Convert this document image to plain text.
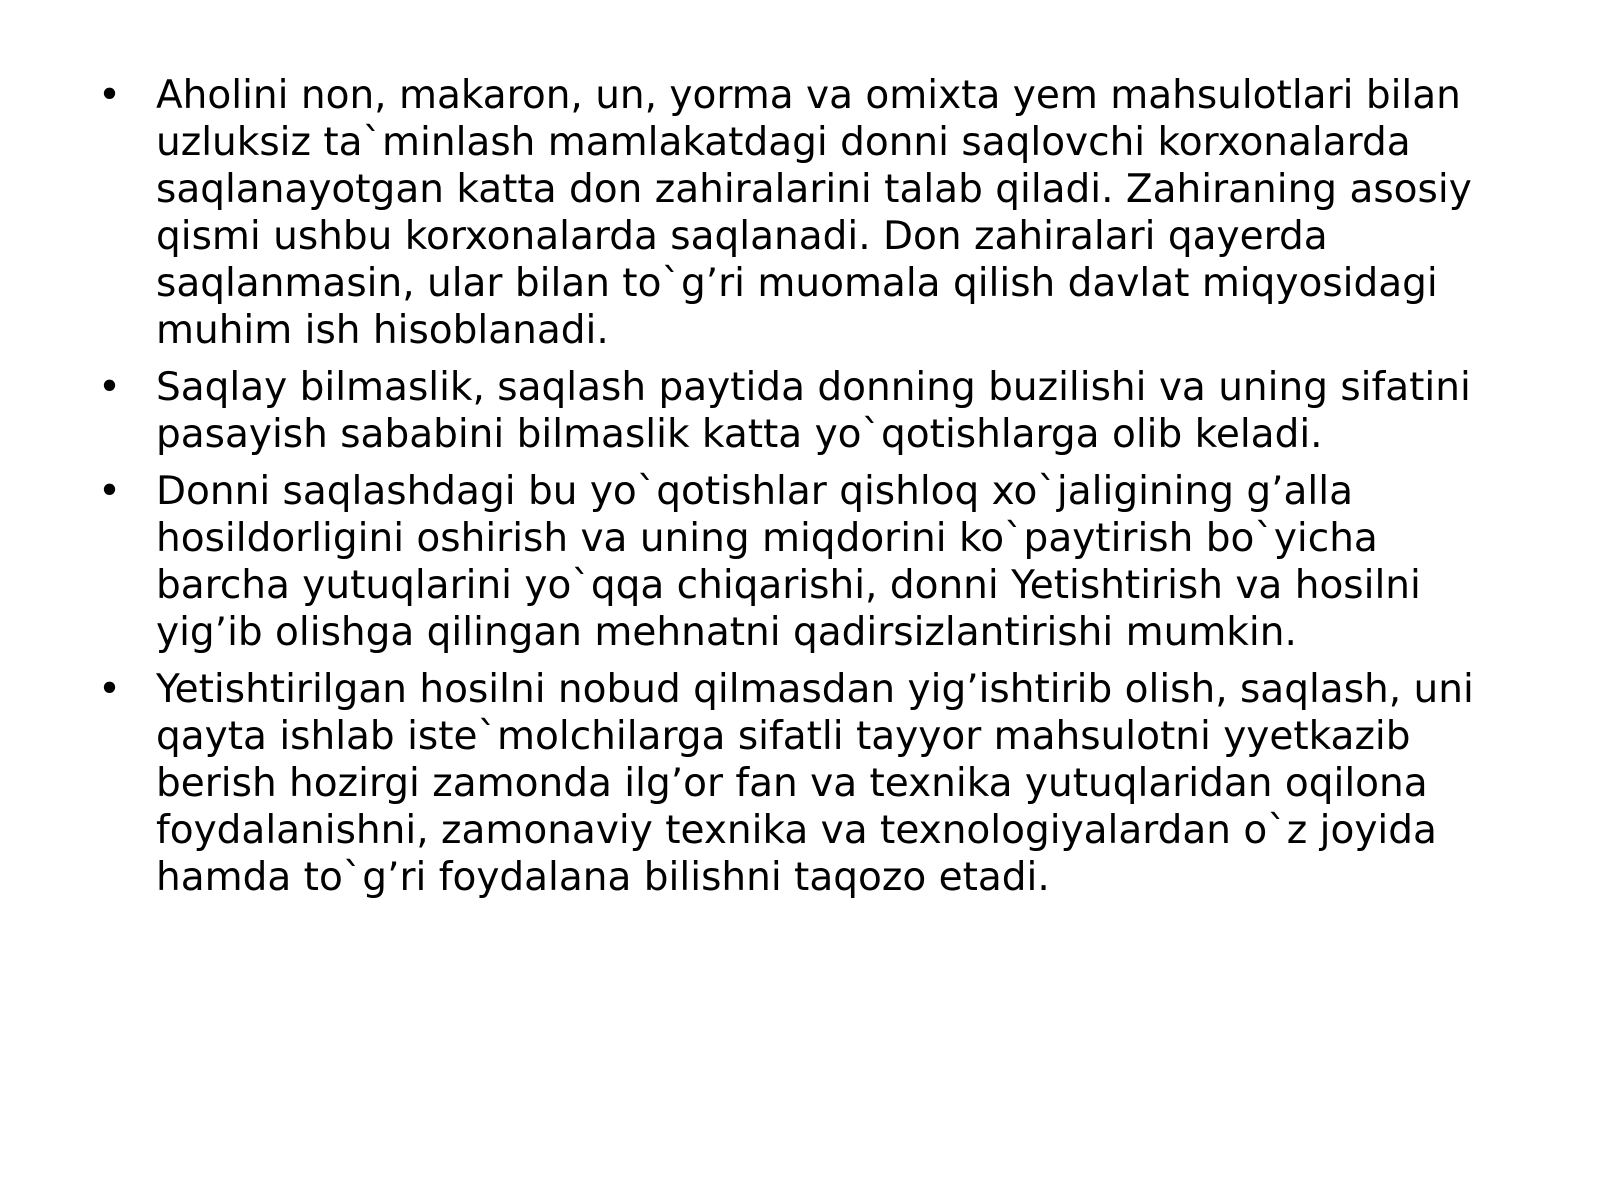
• Aholini non, makaron, un, yorma va omixta yem mahsulotlari bilan uzluksiz ta`minlash mamlakatdagi donni saqlovchi korxonalarda saqlanayotgan katta don zahiralarini talab qiladi. Zahiraning asosiy qismi ushbu korxonalarda saqlanadi. Don zahiralari qayerda saqlanmasin, ular bilan to`g’ri muomala qilish davlat miqyosidagi muhim ish hisoblanadi.
• Saqlay bilmaslik, saqlash paytida donning buzilishi va uning sifatini pasayish sababini bilmaslik katta yo`qotishlarga olib keladi.
• Donni saqlashdagi bu yo`qotishlar qishloq xo`jaligining g’alla hosildorligini oshirish va uning miqdorini ko`paytirish bo`yicha barcha yutuqlarini yo`qqa chiqarishi, donni Yetishtirish va hosilni yig’ib olishga qilingan mehnatni qadirsizlantirishi mumkin.
• Yetishtirilgan hosilni nobud qilmasdan yig’ishtirib olish, saqlash, uni qayta ishlab iste`molchilarga sifatli tayyor mahsulotni yyetkazib berish hozirgi zamonda ilg’or fan va texnika yutuqlaridan oqilona foydalanishni, zamonaviy texnika va texnologiyalardan o`z joyida hamda to`g’ri foydalana bilishni taqozo etadi.
